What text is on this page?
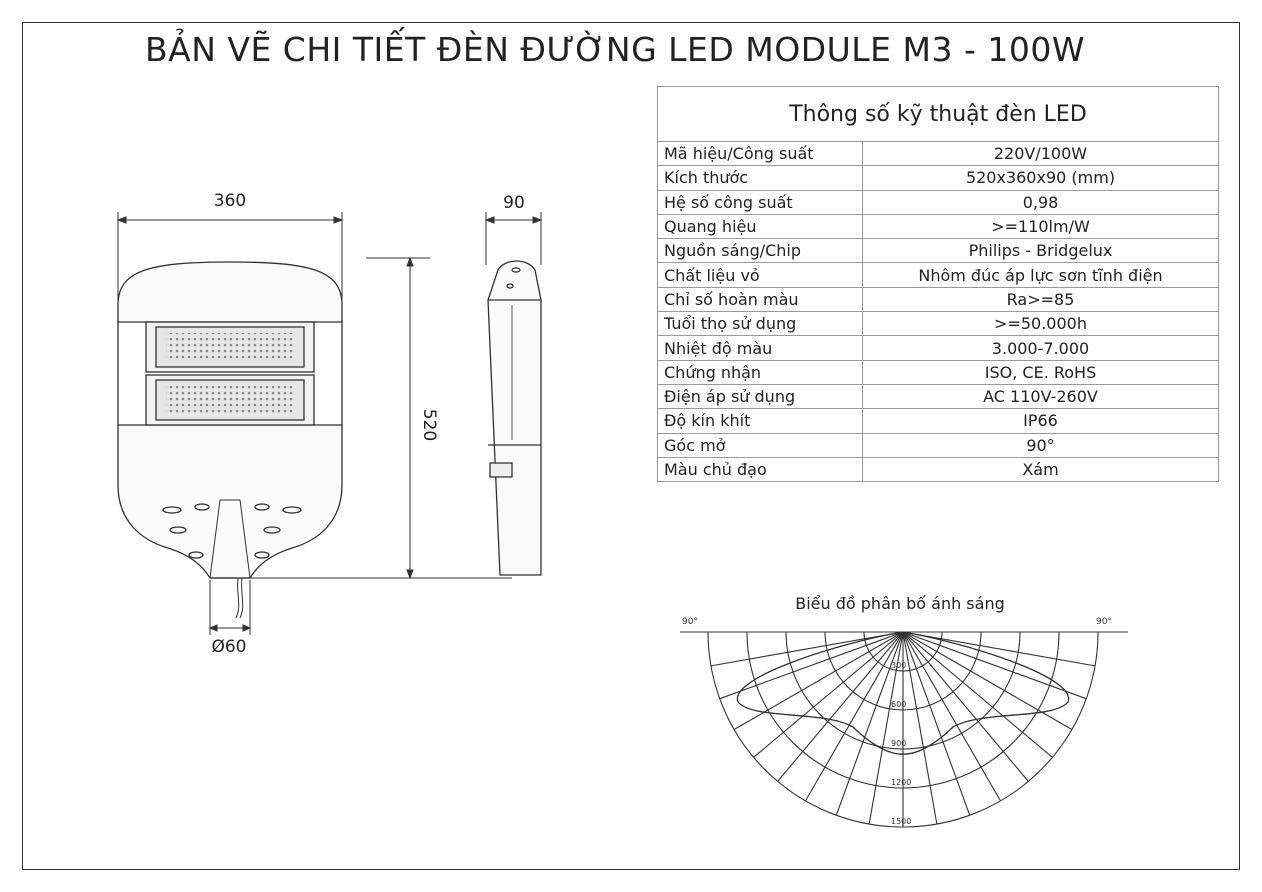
BẢN VẼ CHI TIẾT ĐÈN ĐƯỜNG LED MODULE M3 - 100W
360	90
520
Ø60
Thông số kỹ thuật đèn LED	
Mã hiệu/Công suất	220V/100W
Kích thước	520x360x90 (mm)
Hệ số công suất	0,98
Quang hiệu	>=110lm/W
Nguồn sáng/Chip	Philips - Bridgelux
Chất liệu vỏ	Nhôm đúc áp lực sơn tĩnh điện
Chỉ số hoàn màu	Ra>=85
Tuổi thọ sử dụng	>=50.000h
Nhiệt độ màu	3.000-7.000
Chứng nhận	ISO, CE. RoHS
Điện áp sử dụng	AC 110V-260V
Độ kín khít	IP66
Góc mở	90°
Màu chủ đạo	Xám
Biểu đồ phân bố ánh sáng
300
600
900
1200
1500
90°	90°
